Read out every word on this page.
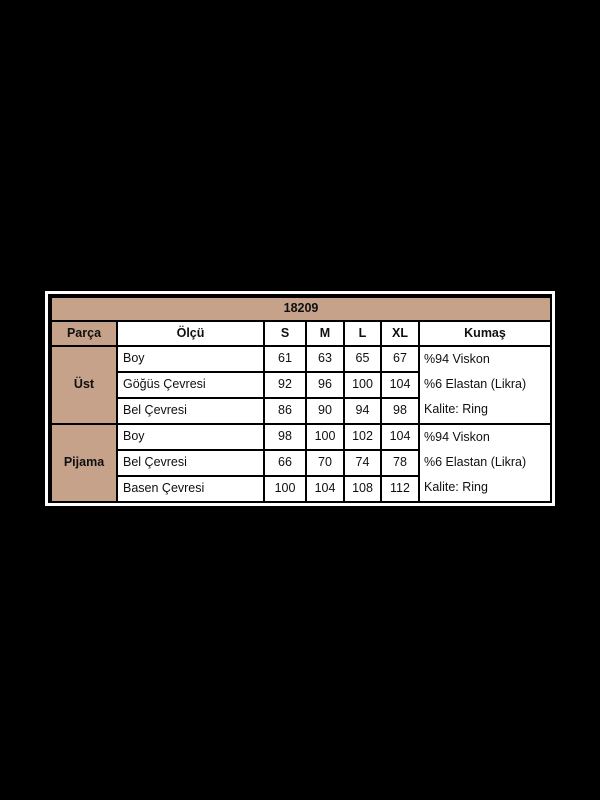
18209						
Parça	Ölçü	S	M	L	XL	Kumaş
Üst	Boy	61	63	65	67	%94 Viskon
%6 Elastan (Likra)
Kalite: Ring

	Göğüs Çevresi	92	96	100	104	
	Bel Çevresi	86	90	94	98	
Pijama	Boy	98	100	102	104	%94 Viskon
%6 Elastan (Likra)
Kalite: Ring

	Bel Çevresi	66	70	74	78	
	Basen Çevresi	100	104	108	112	
